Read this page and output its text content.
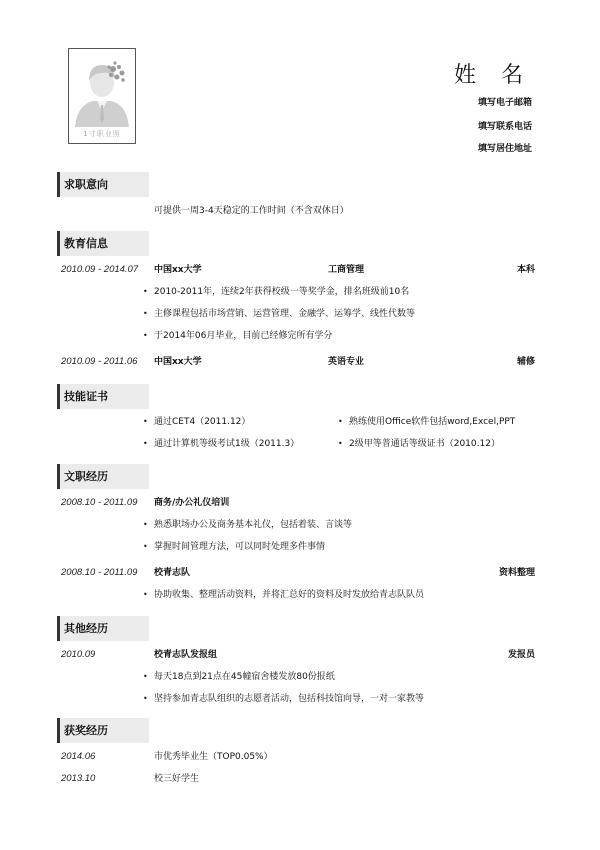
1寸职业照
姓 名
填写电子邮箱
填写联系电话
填写居住地址
求职意向
可提供一周3-4天稳定的工作时间（不含双休日）
教育信息
2010.09 - 2014.07 中国xx大学	工商管理	本科
• 2010-2011年，连续2年获得校级一等奖学金，排名班级前10名
• 主修课程包括市场营销、运营管理、金融学、运筹学、线性代数等
• 于2014年06月毕业，目前已经修完所有学分
2010.09 - 2011.06 中国xx大学	英语专业	辅修
技能证书
• 通过CET4（2011.12）	• 熟练使用Office软件包括word,Excel,PPT
• 通过计算机等级考试1级（2011.3）	• 2级甲等普通话等级证书（2010.12）
文职经历
2008.10 - 2011.09 商务/办公礼仪培训
• 熟悉职场办公及商务基本礼仪，包括着装、言谈等
• 掌握时间管理方法，可以同时处理多件事情
2008.10 - 2011.09 校青志队	资料整理
• 协助收集、整理活动资料，并将汇总好的资料及时发放给青志队队员
其他经历
2010.09	校青志队发报组	发报员
• 每天18点到21点在45幢宿舍楼发放80份报纸
• 坚持参加青志队组织的志愿者活动，包括科技馆向导，一对一家教等
获奖经历
2014.06	市优秀毕业生（TOP0.05%）
2013.10	校三好学生
